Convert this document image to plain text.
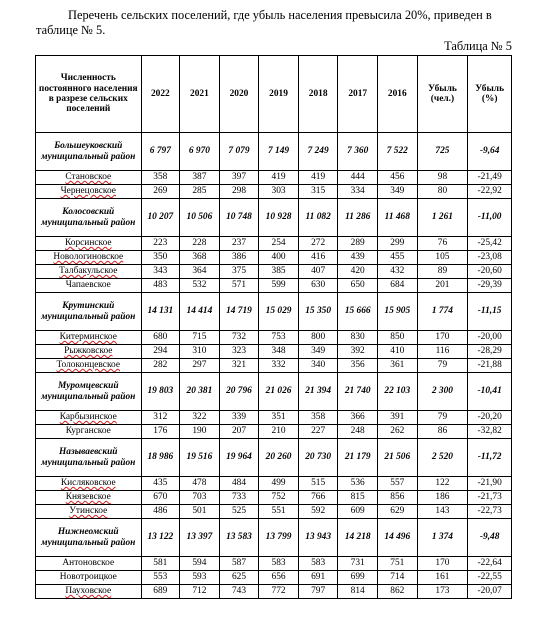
Перечень сельских поселений, где убыль населения превысила 20%, приведен в таблице № 5.

Таблица № 5

Численность постоянного населения в разрезе сельских поселений	2022	2021	2020	2019	2018	2017	2016	Убыль (чел.)	Убыль (%)
Большеуковский муниципальный район	6 797	6 970	7 079	7 149	7 249	7 360	7 522	725	-9,64
Становское	358	387	397	419	419	444	456	98	-21,49
Чернецовское	269	285	298	303	315	334	349	80	-22,92
Колосовский муниципальный район	10 207	10 506	10 748	10 928	11 082	11 286	11 468	1 261	-11,00
Корсинское	223	228	237	254	272	289	299	76	-25,42
Новологиновское	350	368	386	400	416	439	455	105	-23,08
Талбакульское	343	364	375	385	407	420	432	89	-20,60
Чапаевское	483	532	571	599	630	650	684	201	-29,39
Крутинский муниципальный район	14 131	14 414	14 719	15 029	15 350	15 666	15 905	1 774	-11,15
Китерминское	680	715	732	753	800	830	850	170	-20,00
Рыжковское	294	310	323	348	349	392	410	116	-28,29
Толоконцевское	282	297	321	332	340	356	361	79	-21,88
Муромцевский муниципальный район	19 803	20 381	20 796	21 026	21 394	21 740	22 103	2 300	-10,41
Карбызинское	312	322	339	351	358	366	391	79	-20,20
Курганское	176	190	207	210	227	248	262	86	-32,82
Называевский муниципальный район	18 986	19 516	19 964	20 260	20 730	21 179	21 506	2 520	-11,72
Кисляковское	435	478	484	499	515	536	557	122	-21,90
Князевское	670	703	733	752	766	815	856	186	-21,73
Утинское	486	501	525	551	592	609	629	143	-22,73
Нижнеомский муниципальный район	13 122	13 397	13 583	13 799	13 943	14 218	14 496	1 374	-9,48
Антоновское	581	594	587	583	583	731	751	170	-22,64
Новотроицкое	553	593	625	656	691	699	714	161	-22,55
Пауховское	689	712	743	772	797	814	862	173	-20,07
